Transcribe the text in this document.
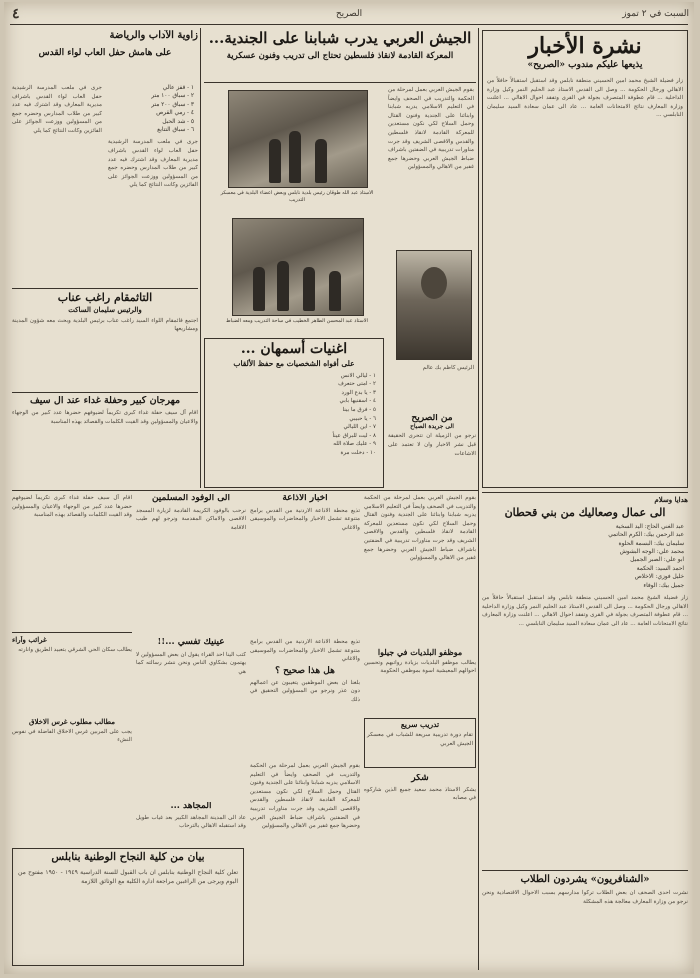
٤	الصريح	السبت في ٢ تموز
نشرة الأخبار
يذيعها عليكم مندوب «الصريح»
زار فضيلة الشيخ محمد امين الحسيني منطقة نابلس وقد استقبل استقبالاً حافلاً من الاهالي ورجال الحكومة ... وصل الى القدس الاستاذ عبد الحليم النمر وكيل وزارة الداخلية ... قام عطوفة المتصرف بجولة في القرى وتفقد احوال الاهالي ... اعلنت وزارة المعارف نتائج الامتحانات العامة ... عاد الى عمان سعادة السيد سليمان النابلسي ...
هدايا وسلام
الى عمال وصعاليك من بني قحطان
عبد الغني الحاج: اليد السخية
عبد الرحمن بيك: الكرم الحاتمي
سليمان بيك: البسمة الحلوة
محمد علي: الوجه البشوش
ابو علي: الصبر الجميل
احمد السيد: الحكمة
خليل فوزي: الاخلاص
جميل بيك: الوفاء
زار فضيلة الشيخ محمد امين الحسيني منطقة نابلس وقد استقبل استقبالاً حافلاً من الاهالي ورجال الحكومة ... وصل الى القدس الاستاذ عبد الحليم النمر وكيل وزارة الداخلية ... قام عطوفة المتصرف بجولة في القرى وتفقد احوال الاهالي ... اعلنت وزارة المعارف نتائج الامتحانات العامة ... عاد الى عمان سعادة السيد سليمان النابلسي ...
«الشنافريون» يشردون الطلاب
نشرت احدى الصحف ان بعض الطلاب تركوا مدارسهم بسبب الاحوال الاقتصادية ونحن نرجو من وزارة المعارف معالجة هذه المشكلة
الجيش العربي يدرب شبابنا على الجندية...
المعركة القادمة لانقاذ فلسطين تحتاج الى تدريب وفنون عسكرية
الاستاذ عبد الله طوقان رئيس بلدية نابلس وبعض اعضاء البلدية في معسكر التدريب
الاستاذ عبد المحسن الطاهر الخطيب في ساحة التدريب ومعه الضباط
بقوم الجيش العربي بعمل لمرحلة من الحكمة والتدريب في الصحف وايضاً في التعليم الاسلامي يدربه شبابنا وابنائنا على الجندية وفنون القتال وحمل السلاح لكي نكون مستعدين للمعركة القادمة لانقاذ فلسطين والقدس والاقصى الشريف وقد جرت مناورات تدريبية في الضفتين باشراف ضباط الجيش العربي وحضرها جمع غفير من الاهالي والمسؤولين
الرئيس كاظم بك عالم
اغنيات أسمهان ...
على أفواه الشخصيات مع حفظ الألقاب
١ - ليالي الانس
٢ - امتى حتعرف
٣ - يا بدع الورد
٤ - اسقنيها بابي
٥ - فرق ما بينا
٦ - يا حبيبي
٧ - اين الليالي
٨ - ليت للبراق عيناً
٩ - عليك صلاة الله
١٠ - دخلت مرة
من الصريح
الى جريدة الصباح
نرجو من الزميلة ان تتحرى الحقيقة قبل نشر الاخبار وان لا تعتمد على الاشاعات
زاوية الآداب والرياضة
على هامش حفل العاب لواء القدس
جرى في ملعب المدرسة الرشيدية حفل العاب لواء القدس باشراف مديرية المعارف وقد اشترك فيه عدد كبير من طلاب المدارس وحضره جمع من المسؤولين ووزعت الجوائز على الفائزين وكانت النتائج كما يلي
١ - قفز عالي
٢ - سباق ١٠٠ متر
٣ - سباق ٢٠٠ متر
٤ - رمي القرص
٥ - شد الحبل
٦ - سباق التتابع
جرى في ملعب المدرسة الرشيدية حفل العاب لواء القدس باشراف مديرية المعارف وقد اشترك فيه عدد كبير من طلاب المدارس وحضره جمع من المسؤولين ووزعت الجوائز على الفائزين وكانت النتائج كما يلي
التاثمقام راغب عناب
والرئيس سليمان الساكت
اجتمع قائمقام اللواء السيد راغب عناب برئيس البلدية وبحث معه شؤون المدينة ومشاريعها
مهرجان كبير وحفلة غداء عند آل سيف
اقام آل سيف حفلة غداء كبرى تكريماً لضيوفهم حضرها عدد كبير من الوجهاء والاعيان والمسؤولين وقد القيت الكلمات والقصائد بهذه المناسبة
اقام آل سيف حفلة غداء كبرى تكريماً لضيوفهم حضرها عدد كبير من الوجهاء والاعيان والمسؤولين وقد القيت الكلمات والقصائد بهذه المناسبة
الى الوفود المسلمين
نرحب بالوفود الكريمة القادمة لزيارة المسجد الاقصى والاماكن المقدسة ونرجو لهم طيب الاقامة
اخبار الاذاعة
تذيع محطة الاذاعة الاردنية من القدس برامج متنوعة تشمل الاخبار والمحاضرات والموسيقى والاغاني
بقوم الجيش العربي بعمل لمرحلة من الحكمة والتدريب في الصحف وايضاً في التعليم الاسلامي يدربه شبابنا وابنائنا على الجندية وفنون القتال وحمل السلاح لكي نكون مستعدين للمعركة القادمة لانقاذ فلسطين والقدس والاقصى الشريف وقد جرت مناورات تدريبية في الضفتين باشراف ضباط الجيش العربي وحضرها جمع غفير من الاهالي والمسؤولين
موظفو البلديات في جيلوا
يطالب موظفو البلديات بزيادة رواتبهم وتحسين احوالهم المعيشية اسوة بموظفي الحكومة
غرائب وآراء
يطالب سكان الحي الشرقي بتعبيد الطريق وانارته
مطالب مطلوب غرس الاخلاق
يجب على المربين غرس الاخلاق الفاضلة في نفوس النشء
عينيك تفسي ...!!
كتب الينا احد القراء يقول ان بعض المسؤولين لا يهتمون بشكاوي الناس ونحن ننشر رسالته كما هي
تذيع محطة الاذاعة الاردنية من القدس برامج متنوعة تشمل الاخبار والمحاضرات والموسيقى والاغاني
هل هذا صحيح ؟
بلغنا ان بعض الموظفين يتغيبون عن اعمالهم دون عذر ونرجو من المسؤولين التحقيق في ذلك
المجاهد ...
عاد الى المدينة المجاهد الكبير بعد غياب طويل وقد استقبله الاهالي بالترحاب
بقوم الجيش العربي بعمل لمرحلة من الحكمة والتدريب في الصحف وايضاً في التعليم الاسلامي يدربه شبابنا وابنائنا على الجندية وفنون القتال وحمل السلاح لكي نكون مستعدين للمعركة القادمة لانقاذ فلسطين والقدس والاقصى الشريف وقد جرت مناورات تدريبية في الضفتين باشراف ضباط الجيش العربي وحضرها جمع غفير من الاهالي والمسؤولين
تدريب سريع
تقام دورة تدريبية سريعة للشباب في معسكر الجيش العربي
شكر
يشكر الاستاذ محمد سعيد جميع الذين شاركوه في مصابه
بيان من كلية النجاح الوطنية بنابلس
تعلن كلية النجاح الوطنية بنابلس ان باب القبول للسنة الدراسية ١٩٤٩ - ١٩٥٠ مفتوح من اليوم ويرجى من الراغبين مراجعة ادارة الكلية مع الوثائق اللازمة
